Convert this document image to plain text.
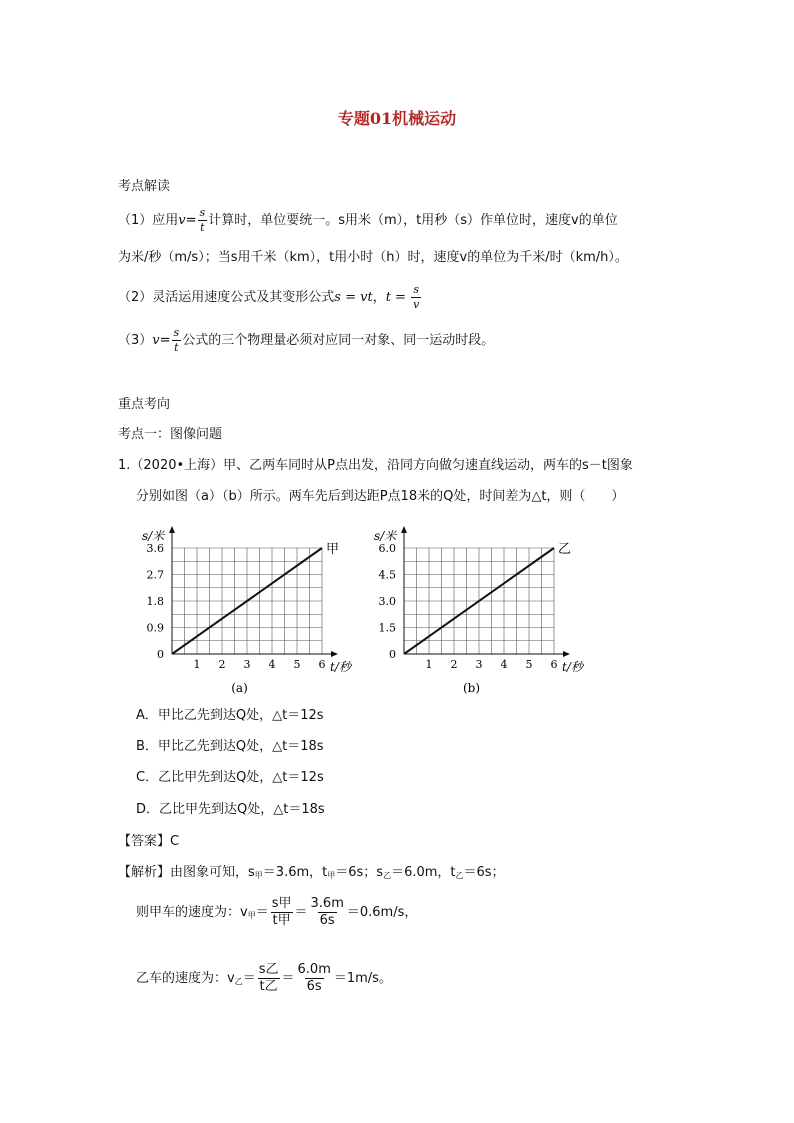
专题01机械运动
考点解读
（1）应用$v= \frac{s}{t}$ 计算时，单位要统一。s用米（m），t用秒（s）作单位时，速度v的单位
为米/秒（m/s）；当s用千米（km），t用小时（h）时，速度v的单位为千米/时（km/h）。
（2）灵活运用速度公式及其变形公式s = vt，$t = \frac{s}{v}$
$(3)v= \frac{s}{t}$ 公式的三个物理量必须对应同一对象、同一运动时段。
重点考向
考点一：图像问题
1.（2020•上海）甲、乙两车同时从P点出发，沿同方向做匀速直线运动，两车的s－t图象
分别如图（a）（b）所示。两车先后到达距P点18米的Q处，时间差为△t，则（　　）
s/米
t/秒
1 2 3 4 5 6
0
0.9
1.8
2.7
3.6	甲
(a)
s/米
t/秒
1 2 3 4 5 6
0
1.5
3.0
4.5
6.0	乙
(b)
A．甲比乙先到达Q处，△t＝12s
B．甲比乙先到达Q处，△t＝18s
C．乙比甲先到达Q处，△t＝12s
D．乙比甲先到达Q处，△t＝18s
【答案】C
【解析】由图象可知，$s_甲=3.6m$，$t_甲=6s$；$s_乙=6.0m$，$t_乙=6s$；
则甲车的速度为：$v_甲= \frac{\text{s甲}}{\text{t甲}} = \frac{3.6m}{6s} =0.6m/s$，
乙车的速度为：$v_乙= \frac{\text{s乙}}{\text{t乙}} = \frac{6.0m}{6s} =1m/s$。
